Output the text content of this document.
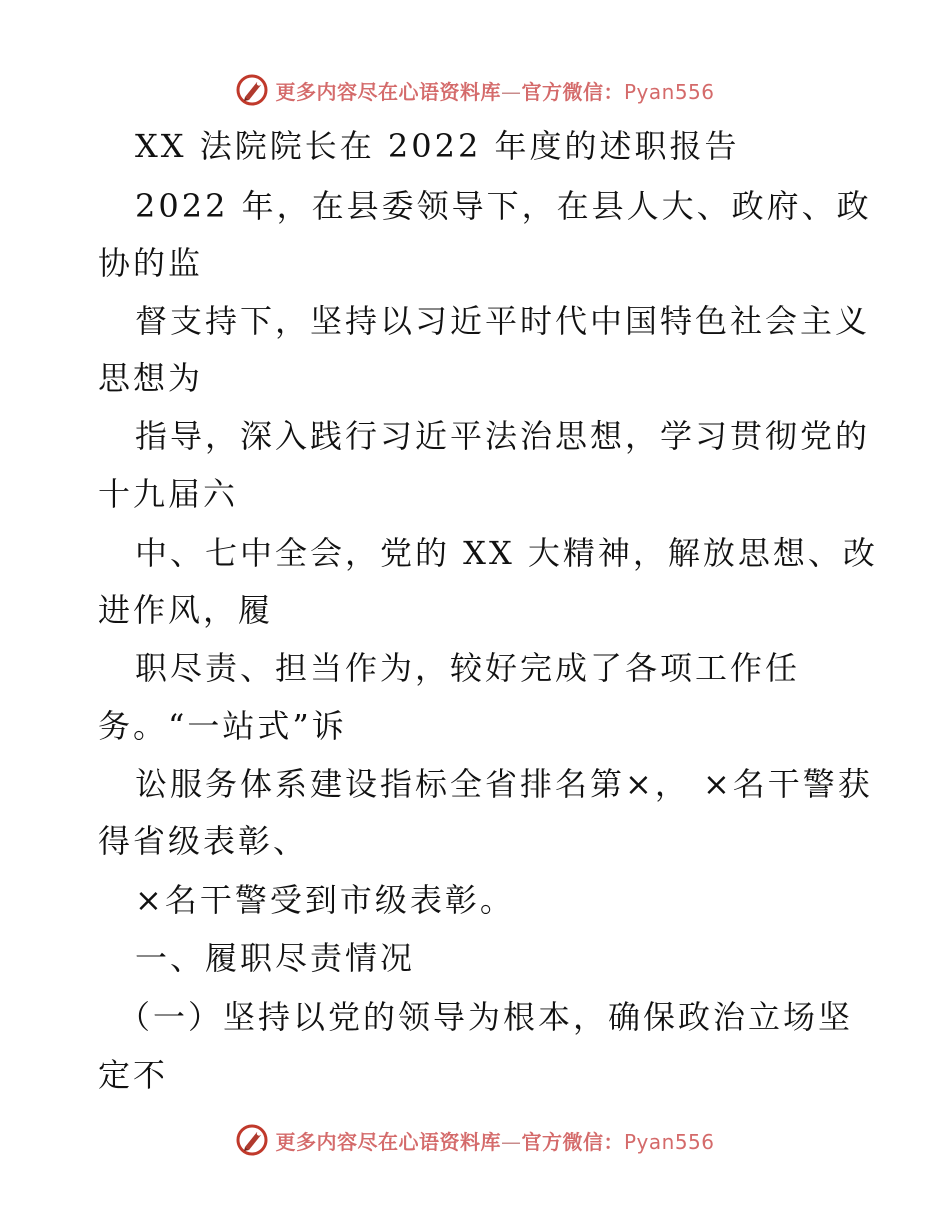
更多内容尽在心语资料库—官方微信：Pyan556
XX 法院院长在 2022 年度的述职报告
2022 年，在县委领导下，在县人大、政府、政
协的监
督支持下，坚持以习近平时代中国特色社会主义
思想为
指导，深入践行习近平法治思想，学习贯彻党的
十九届六
中、七中全会，党的 XX 大精神，解放思想、改
进作风，履
职尽责、担当作为，较好完成了各项工作任
务。“一站式”诉
讼服务体系建设指标全省排名第×， ×名干警获
得省级表彰、
×名干警受到市级表彰。
一、履职尽责情况
（一）坚持以党的领导为根本，确保政治立场坚
定不
更多内容尽在心语资料库—官方微信：Pyan556
